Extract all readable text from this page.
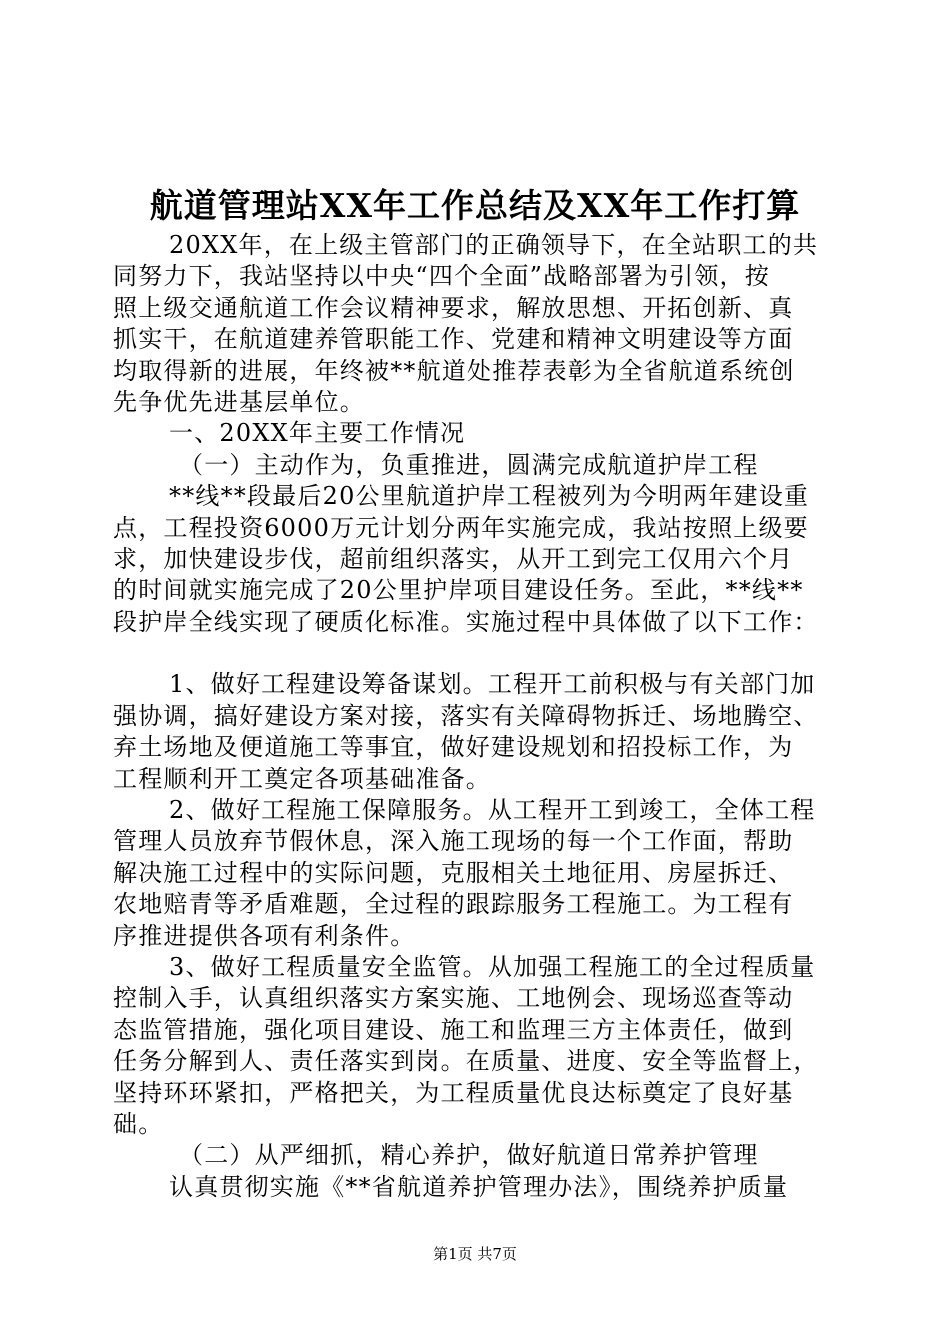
航道管理站XX年工作总结及XX年工作打算
20XX年，在上级主管部门的正确领导下，在全站职工的共
同努力下，我站坚持以中央“四个全面”战略部署为引领，按
照上级交通航道工作会议精神要求，解放思想、开拓创新、真
抓实干，在航道建养管职能工作、党建和精神文明建设等方面
均取得新的进展，年终被**航道处推荐表彰为全省航道系统创
先争优先进基层单位。
一、20XX年主要工作情况
（一）主动作为，负重推进，圆满完成航道护岸工程
**线**段最后20公里航道护岸工程被列为今明两年建设重
点，工程投资6000万元计划分两年实施完成，我站按照上级要
求，加快建设步伐，超前组织落实，从开工到完工仅用六个月
的时间就实施完成了20公里护岸项目建设任务。至此，**线**
段护岸全线实现了硬质化标准。实施过程中具体做了以下工作：
1、做好工程建设筹备谋划。工程开工前积极与有关部门加
强协调，搞好建设方案对接，落实有关障碍物拆迁、场地腾空、
弃土场地及便道施工等事宜，做好建设规划和招投标工作，为
工程顺利开工奠定各项基础准备。
2、做好工程施工保障服务。从工程开工到竣工，全体工程
管理人员放弃节假休息，深入施工现场的每一个工作面，帮助
解决施工过程中的实际问题，克服相关土地征用、房屋拆迁、
农地赔青等矛盾难题，全过程的跟踪服务工程施工。为工程有
序推进提供各项有利条件。
3、做好工程质量安全监管。从加强工程施工的全过程质量
控制入手，认真组织落实方案实施、工地例会、现场巡查等动
态监管措施，强化项目建设、施工和监理三方主体责任，做到
任务分解到人、责任落实到岗。在质量、进度、安全等监督上，
坚持环环紧扣，严格把关，为工程质量优良达标奠定了良好基
础。
（二）从严细抓，精心养护，做好航道日常养护管理
认真贯彻实施《**省航道养护管理办法》，围绕养护质量
第1页 共7页
